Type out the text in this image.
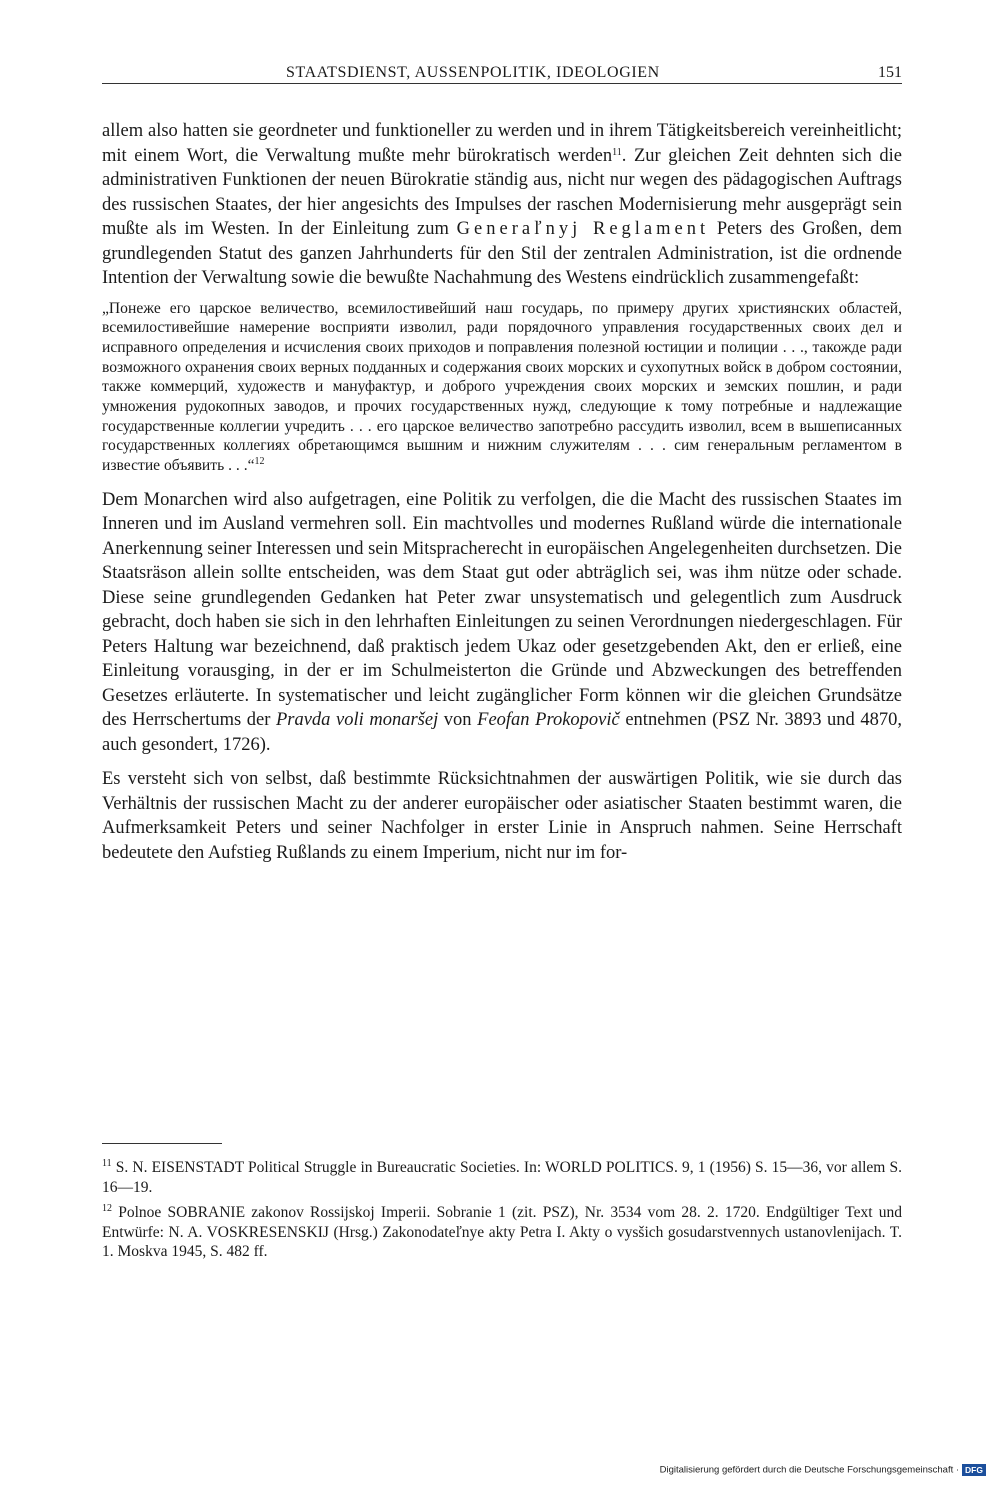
STAATSDIENST, AUSSENPOLITIK, IDEOLOGIEN	151

allem also hatten sie geordneter und funktioneller zu werden und in ihrem Tätigkeitsbereich vereinheitlicht; mit einem Wort, die Verwaltung mußte mehr bürokratisch werden$^{11}$. Zur gleichen Zeit dehnten sich die administrativen Funktionen der neuen Bürokratie ständig aus, nicht nur wegen des pädagogischen Auftrags des russischen Staates, der hier angesichts des Impulses der raschen Modernisierung mehr ausgeprägt sein mußte als im Westen. In der Einleitung zum Generaľnyj Reglament Peters des Großen, dem grundlegenden Statut des ganzen Jahrhunderts für den Stil der zentralen Administration, ist die ordnende Intention der Verwaltung sowie die bewußte Nachahmung des Westens eindrücklich zusammengefaßt:

„Понеже его царское величество, всемилостивейший наш государь, по примеру других християнских областей, всемилостивейшие намерение восприяти изволил, ради порядочного управления государственных своих дел и исправного определения и исчисления своих приходов и поправления полезной юстиции и полиции . . ., такожде ради возможного охранения своих верных подданных и содержания своих морских и сухопутных войск в добром состоянии, также коммерций, художеств и мануфактур, и доброго учреждения своих морских и земских пошлин, и ради умножения рудокопных заводов, и прочих государственных нужд, следующие к тому потребные и надлежащие государственные коллегии учредить . . . его царское величество запотребно рассудить изволил, всем в вышеписанных государственных коллегиях обретающимся вышним и нижним служителям . . . сим генеральным регламентом в известие объявить . . .“$^{12}$

Dem Monarchen wird also aufgetragen, eine Politik zu verfolgen, die die Macht des russischen Staates im Inneren und im Ausland vermehren soll. Ein machtvolles und modernes Rußland würde die internationale Anerkennung seiner Interessen und sein Mitspracherecht in europäischen Angelegenheiten durchsetzen. Die Staatsräson allein sollte entscheiden, was dem Staat gut oder abträglich sei, was ihm nütze oder schade. Diese seine grundlegenden Gedanken hat Peter zwar unsystematisch und gelegentlich zum Ausdruck gebracht, doch haben sie sich in den lehrhaften Einleitungen zu seinen Verordnungen niedergeschlagen. Für Peters Haltung war bezeichnend, daß praktisch jedem Ukaz oder gesetzgebenden Akt, den er erließ, eine Einleitung vorausging, in der er im Schulmeisterton die Gründe und Abzweckungen des betreffenden Gesetzes erläuterte. In systematischer und leicht zugänglicher Form können wir die gleichen Grundsätze des Herrschertums der Pravda voli monaršej von Feofan Prokopovič entnehmen (PSZ Nr. 3893 und 4870, auch gesondert, 1726).

Es versteht sich von selbst, daß bestimmte Rücksichtnahmen der auswärtigen Politik, wie sie durch das Verhältnis der russischen Macht zu der anderer europäischer oder asiatischer Staaten bestimmt waren, die Aufmerksamkeit Peters und seiner Nachfolger in erster Linie in Anspruch nahmen. Seine Herrschaft bedeutete den Aufstieg Rußlands zu einem Imperium, nicht nur im for-

$^{11}$ S. N. EISENSTADT Political Struggle in Bureaucratic Societies. In: WORLD POLITICS. 9, 1 (1956) S. 15—36, vor allem S. 16—19.

$^{12}$ Polnoe SOBRANIE zakonov Rossijskoj Imperii. Sobranie 1 (zit. PSZ), Nr. 3534 vom 28. 2. 1720. Endgültiger Text und Entwürfe: N. A. VOSKRESENSKIJ (Hrsg.) Zakonodateľnye akty Petra I. Akty o vysšich gosudarstvennych ustanovlenijach. T. 1. Moskva 1945, S. 482 ff.

Digitalisierung gefördert durch die Deutsche Forschungsgemeinschaft · DFG
